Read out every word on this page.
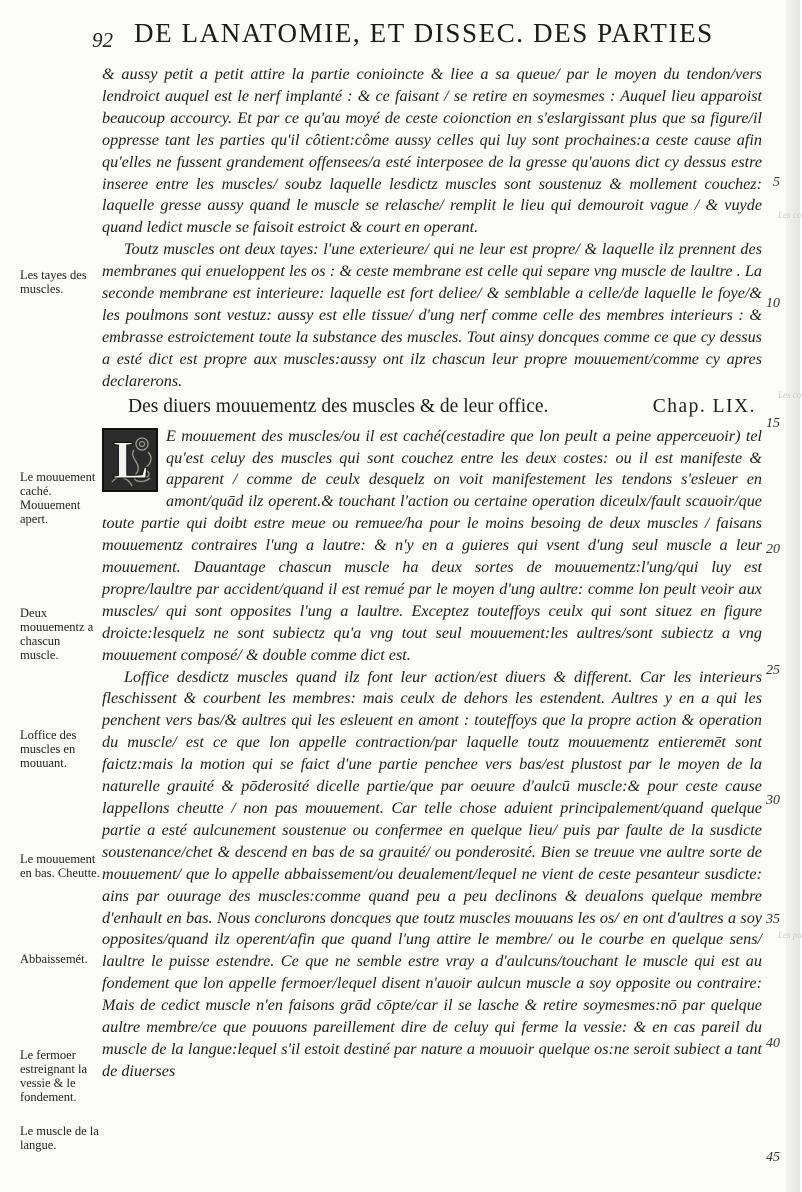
Les co
Les co
Les pa
92 DE LANATOMIE, ET DISSEC. DES PARTIES

& aussy petit a petit attire la partie conioincte & liee a sa queue/ par le moyen du tendon/vers lendroict auquel est le nerf implanté : & ce faisant / se retire en soymesmes : Auquel lieu apparoist beaucoup accourcy. Et par ce qu'au moyé de ceste coionction en s'eslargissant plus que sa figure/il oppresse tant les parties qu'il côtient:côme aussy celles qui luy sont prochaines:a ceste cause afin qu'elles ne fussent grandement offensees/a esté interposee de la gresse qu'auons dict cy dessus estre inseree entre les muscles/ soubz laquelle lesdictz muscles sont soustenuz & mollement couchez: laquelle gresse aussy quand le muscle se relasche/ remplit le lieu qui demouroit vague / & vuyde quand ledict muscle se faisoit estroict & court en operant.

Toutz muscles ont deux tayes: l'une exterieure/ qui ne leur est propre/ & laquelle ilz prennent des membranes qui enueloppent les os : & ceste membrane est celle qui separe vng muscle de laultre . La seconde membrane est interieure: laquelle est fort deliee/ & semblable a celle/de laquelle le foye/& les poulmons sont vestuz: aussy est elle tissue/ d'ung nerf comme celle des membres interieurs : & embrasse estroictement toute la substance des muscles. Tout ainsy doncques comme ce que cy dessus a esté dict est propre aux muscles:aussy ont ilz chascun leur propre mouuement/comme cy apres declarerons.

Des diuers mouuementz des muscles & de leur office.	Chap. LIX.
L	E mouuement des muscles/ou il est caché(cestadire que lon peult a peine apperceuoir) tel qu'est celuy des muscles qui sont couchez entre les deux costes: ou il est manifeste & apparent / comme de ceulx desquelz on voit manifestement les tendons s'esleuer en amont/quād ilz operent.& touchant l'action ou certaine operation diceulx/fault scauoir/que toute partie qui doibt estre meue ou remuee/ha pour le moins besoing de deux muscles / faisans mouuementz contraires l'ung a lautre: & n'y en a guieres qui vsent d'ung seul muscle a leur mouuement. Dauantage chascun muscle ha deux sortes de mouuementz:l'ung/qui luy est propre/laultre par accident/quand il est remué par le moyen d'ung aultre: comme lon peult veoir aux muscles/ qui sont opposites l'ung a laultre. Exceptez touteffoys ceulx qui sont situez en figure droicte:lesquelz ne sont subiectz qu'a vng tout seul mouuement:les aultres/sont subiectz a vng mouuement composé/ & double comme dict est.

Loffice desdictz muscles quand ilz font leur action/est diuers & different. Car les interieurs fleschissent & courbent les membres: mais ceulx de dehors les estendent. Aultres y en a qui les penchent vers bas/& aultres qui les esleuent en amont : touteffoys que la propre action & operation du muscle/ est ce que lon appelle contraction/par laquelle toutz mouuementz entieremēt sont faictz:mais la motion qui se faict d'une partie penchee vers bas/est plustost par le moyen de la naturelle grauité & pōderosité dicelle partie/que par oeuure d'aulcū muscle:& pour ceste cause lappellons cheutte / non pas mouuement. Car telle chose aduient principalement/quand quelque partie a esté aulcunement soustenue ou confermee en quelque lieu/ puis par faulte de la susdicte soustenance/chet & descend en bas de sa grauité/ ou ponderosité. Bien se treuue vne aultre sorte de mouuement/ que lo appelle abbaissement/ou deualement/lequel ne vient de ceste pesanteur susdicte: ains par ouurage des muscles:comme quand peu a peu declinons & deualons quelque membre d'enhault en bas. Nous conclurons doncques que toutz muscles mouuans les os/ en ont d'aultres a soy opposites/quand ilz operent/afin que quand l'ung attire le membre/ ou le courbe en quelque sens/ laultre le puisse estendre. Ce que ne semble estre vray a d'aulcuns/touchant le muscle qui est au fondement que lon appelle fermoer/lequel disent n'auoir aulcun muscle a soy opposite ou contraire: Mais de cedict muscle n'en faisons grād cōpte/car il se lasche & retire soymesmes:nō par quelque aultre membre/ce que pouuons pareillement dire de celuy qui ferme la vessie: & en cas pareil du muscle de la langue:lequel s'il estoit destiné par nature a mouuoir quelque os:ne seroit subiect a tant de diuerses

Les tayes des muscles.
Le mouuement caché. Mouuement apert.
Deux mouuementz a chascun muscle.
Loffice des muscles en mouuant.
Le mouuement en bas. Cheutte.
Abbaissemét.
Le fermoer estreignant la vessie & le fondement.
Le muscle de la langue.
5
10
15
20
25
30
35
40
45
